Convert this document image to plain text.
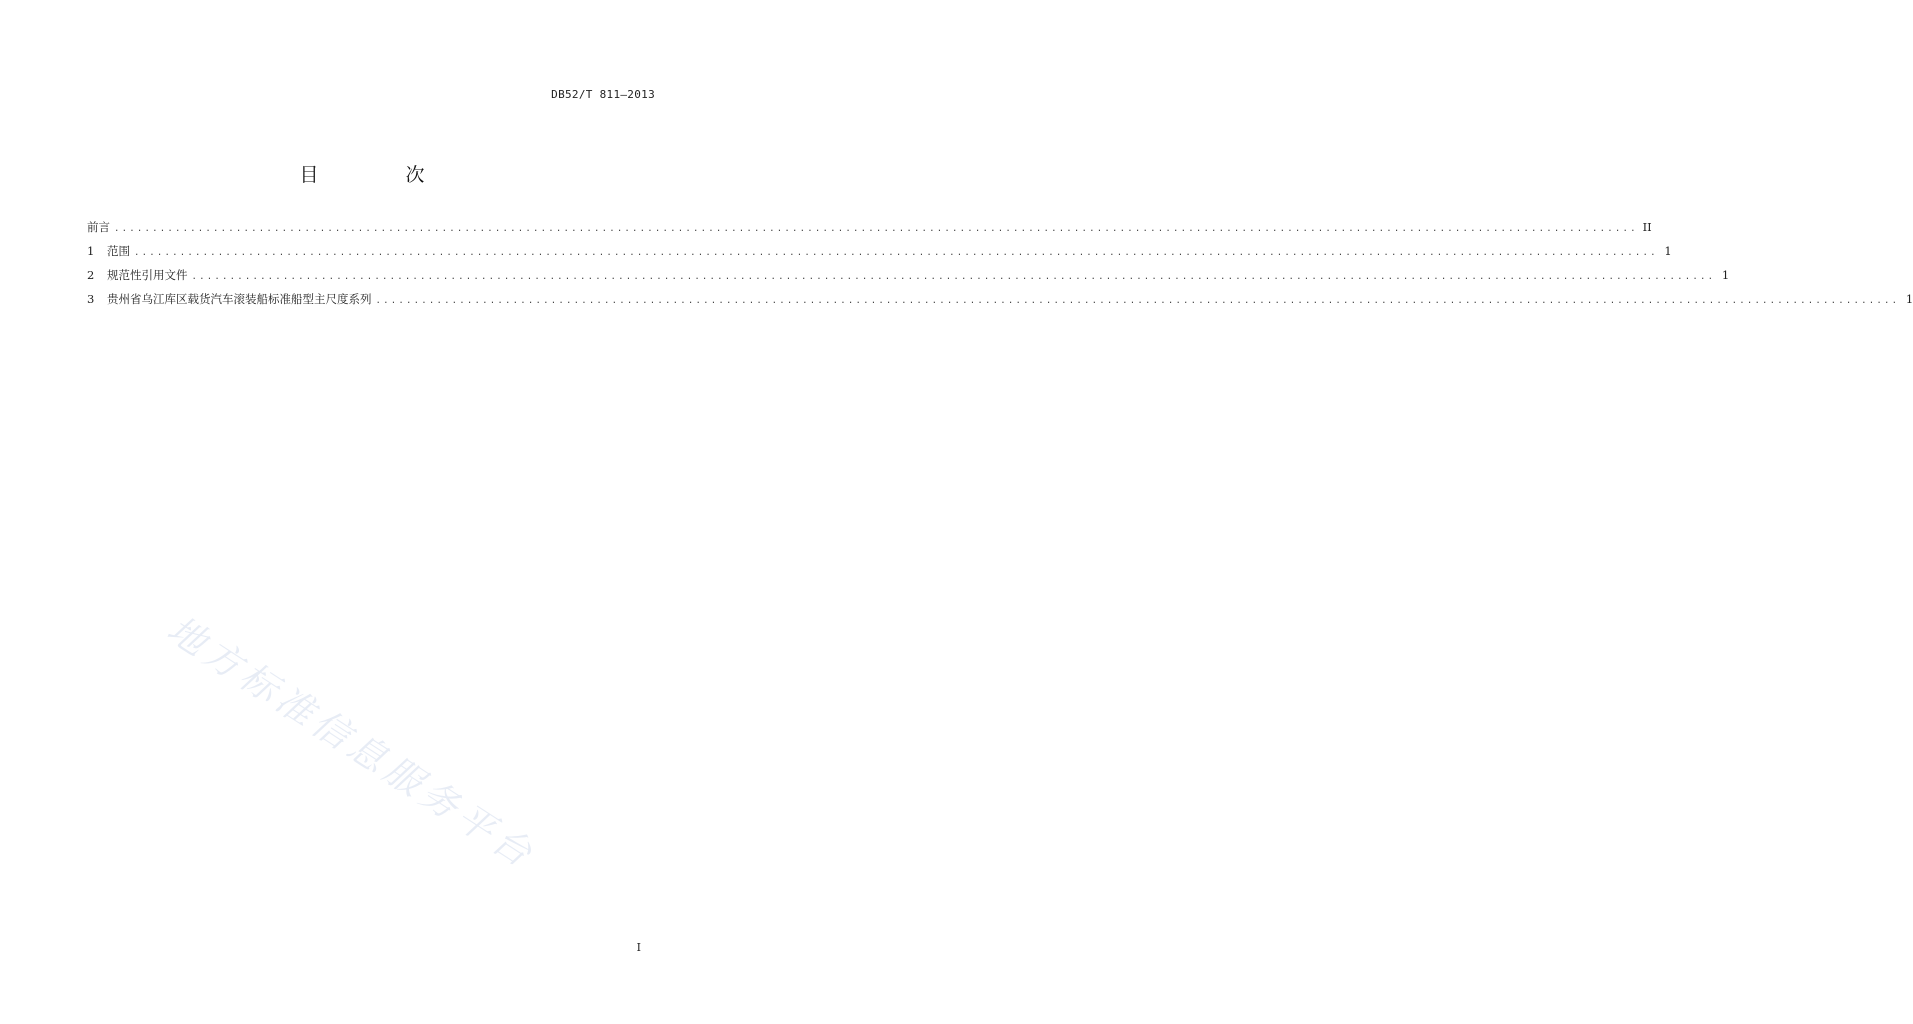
DB52/T 811—2013
目　次
前言 ........................................................................................................................................................................................................ II
1	范围 ........................................................................................................................................................................................................ 1
2	规范性引用文件 ........................................................................................................................................................................................................ 1
3	贵州省乌江库区载货汽车滚装船标准船型主尺度系列 ........................................................................................................................................................................................................ 1
地方标准信息服务平台
I
